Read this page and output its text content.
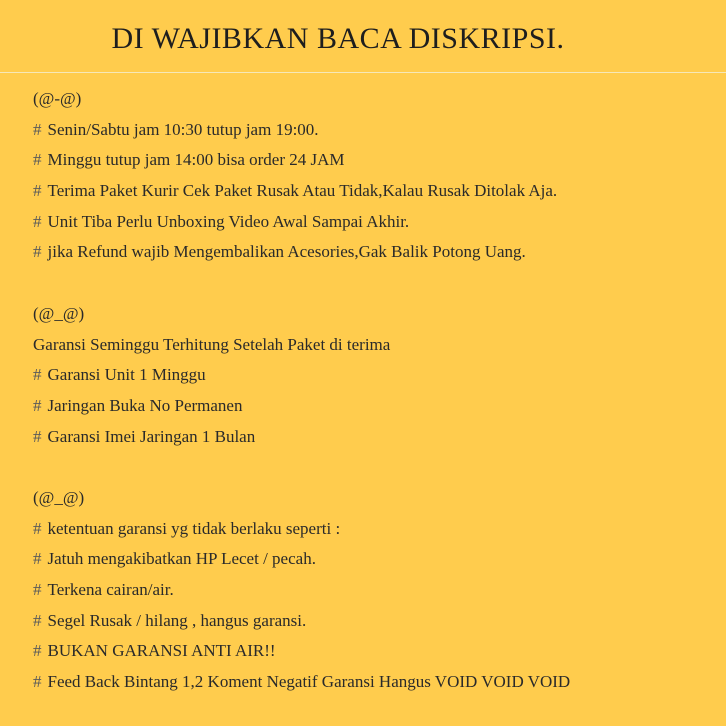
DI WAJIBKAN BACA DISKRIPSI.
(@-@)
# Senin/Sabtu jam 10:30 tutup jam 19:00.
# Minggu tutup jam 14:00 bisa order 24 JAM
# Terima Paket Kurir Cek Paket Rusak Atau Tidak,Kalau Rusak Ditolak Aja.
# Unit Tiba Perlu Unboxing Video Awal Sampai Akhir.
# jika Refund wajib Mengembalikan Acesories,Gak Balik Potong Uang.
(@_@)
Garansi Seminggu Terhitung Setelah Paket di terima
# Garansi Unit 1 Minggu
# Jaringan Buka No Permanen
# Garansi Imei Jaringan 1 Bulan
(@_@)
# ketentuan garansi yg tidak berlaku seperti :
# Jatuh mengakibatkan HP Lecet / pecah.
# Terkena cairan/air.
# Segel Rusak / hilang , hangus garansi.
# BUKAN GARANSI ANTI AIR!!
# Feed Back Bintang 1,2 Koment Negatif Garansi Hangus VOID VOID VOID
